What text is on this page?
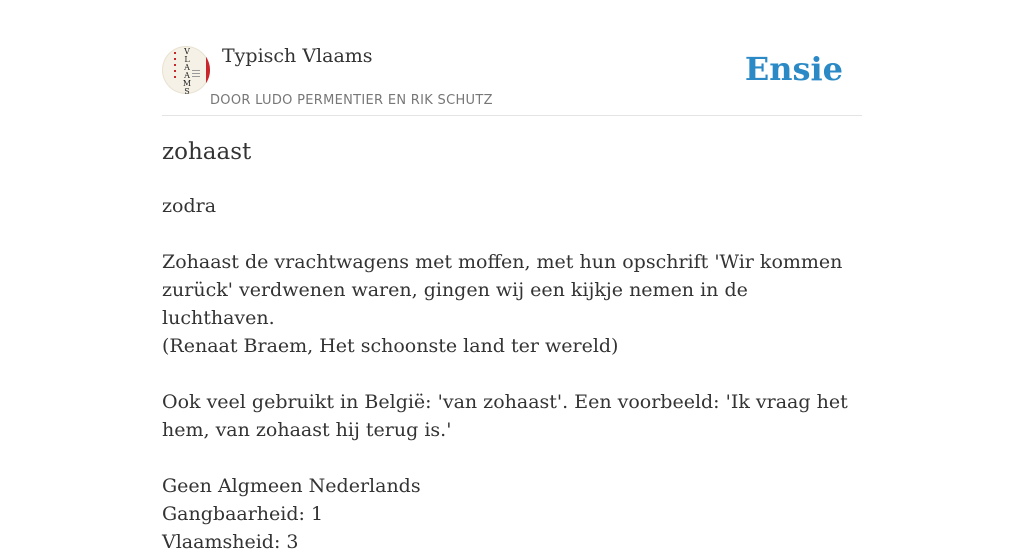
V
L
A
A
M
S
Typisch Vlaams
DOOR LUDO PERMENTIER EN RIK SCHUTZ
Ensie
zohaast

zodra

Zohaast de vrachtwagens met moffen, met hun opschrift 'Wir kommen zurück' verdwenen waren, gingen wij een kijkje nemen in de luchthaven.

(Renaat Braem, Het schoonste land ter wereld)

Ook veel gebruikt in België: 'van zohaast'. Een voorbeeld: 'Ik vraag het hem, van zohaast hij terug is.'

Geen Algmeen Nederlands

Gangbaarheid: 1

Vlaamsheid: 3
